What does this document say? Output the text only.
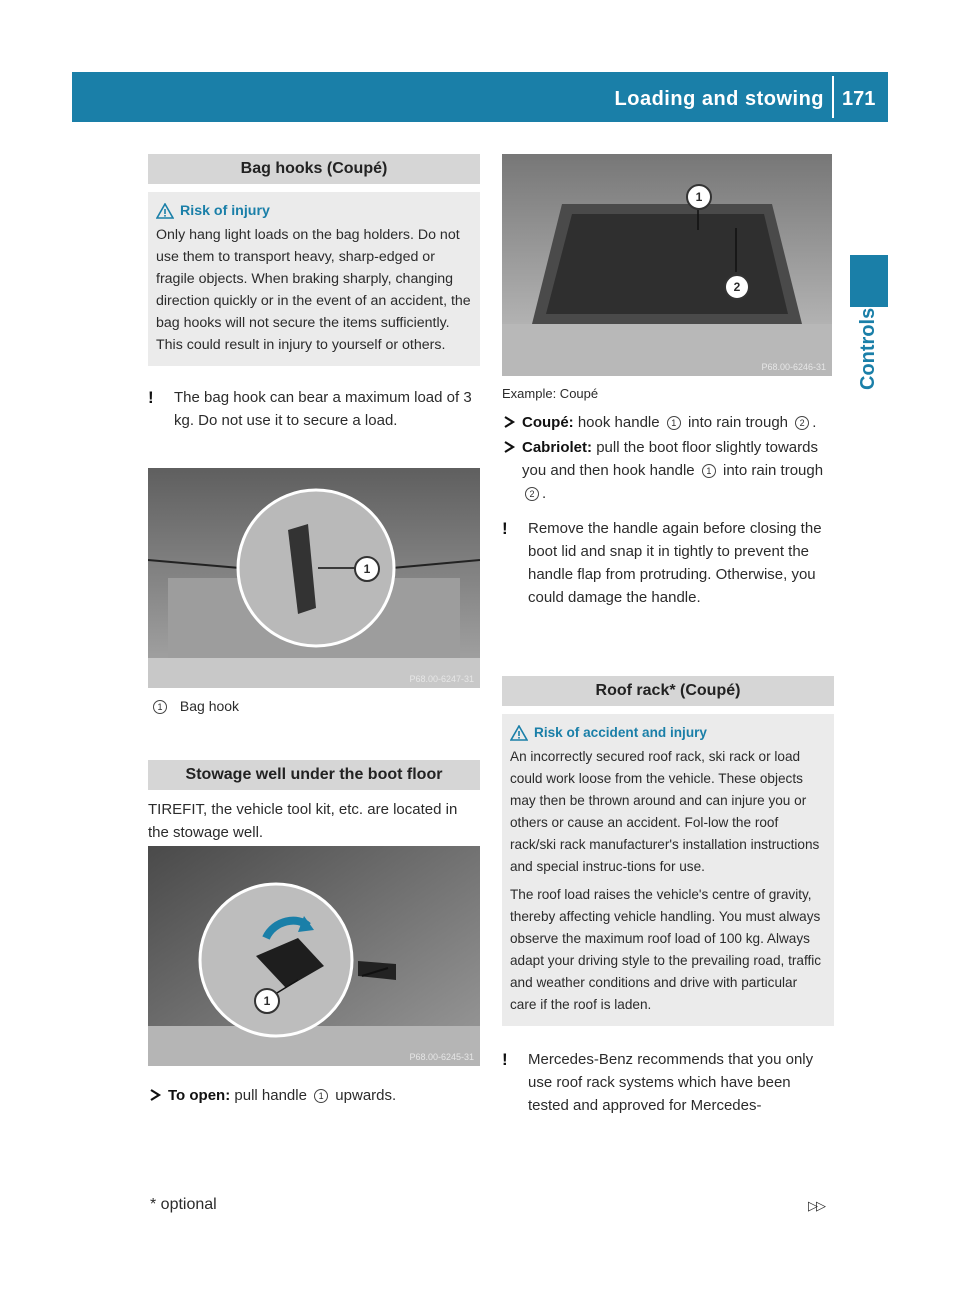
Loading and stowing 171
Controls
Bag hooks (Coupé)
Risk of injury

Only hang light loads on the bag holders. Do not use them to transport heavy, sharp-edged or fragile objects. When braking sharply, changing direction quickly or in the event of an accident, the bag hooks will not secure the items sufficiently. This could result in injury to yourself or others.

!	The bag hook can bear a maximum load of 3 kg. Do not use it to secure a load.
1
P68.00-6247-31
1 Bag hook
Stowage well under the boot floor

TIREFIT, the vehicle tool kit, etc. are located in the stowage well.

1
P68.00-6245-31
To open: pull handle 1 upwards.
1
2
P68.00-6246-31
Example: Coupé
Coupé: hook handle 1 into rain trough 2 .
Cabriolet: pull the boot floor slightly towards you and then hook handle 1 into rain trough 2 .
!	Remove the handle again before closing the boot lid and snap it in tightly to prevent the handle flap from protruding. Otherwise, you could damage the handle.
Roof rack* (Coupé)
Risk of accident and injury

An incorrectly secured roof rack, ski rack or load could work loose from the vehicle. These objects may then be thrown around and can injure you or others or cause an accident. Fol-low the roof rack/ski rack manufacturer's installation instructions and special instruc-tions for use.

The roof load raises the vehicle's centre of gravity, thereby affecting vehicle handling. You must always observe the maximum roof load of 100 kg. Always adapt your driving style to the prevailing road, traffic and weather conditions and drive with particular care if the roof is laden.

!	Mercedes-Benz recommends that you only use roof rack systems which have been tested and approved for Mercedes-
* optional	▷▷
